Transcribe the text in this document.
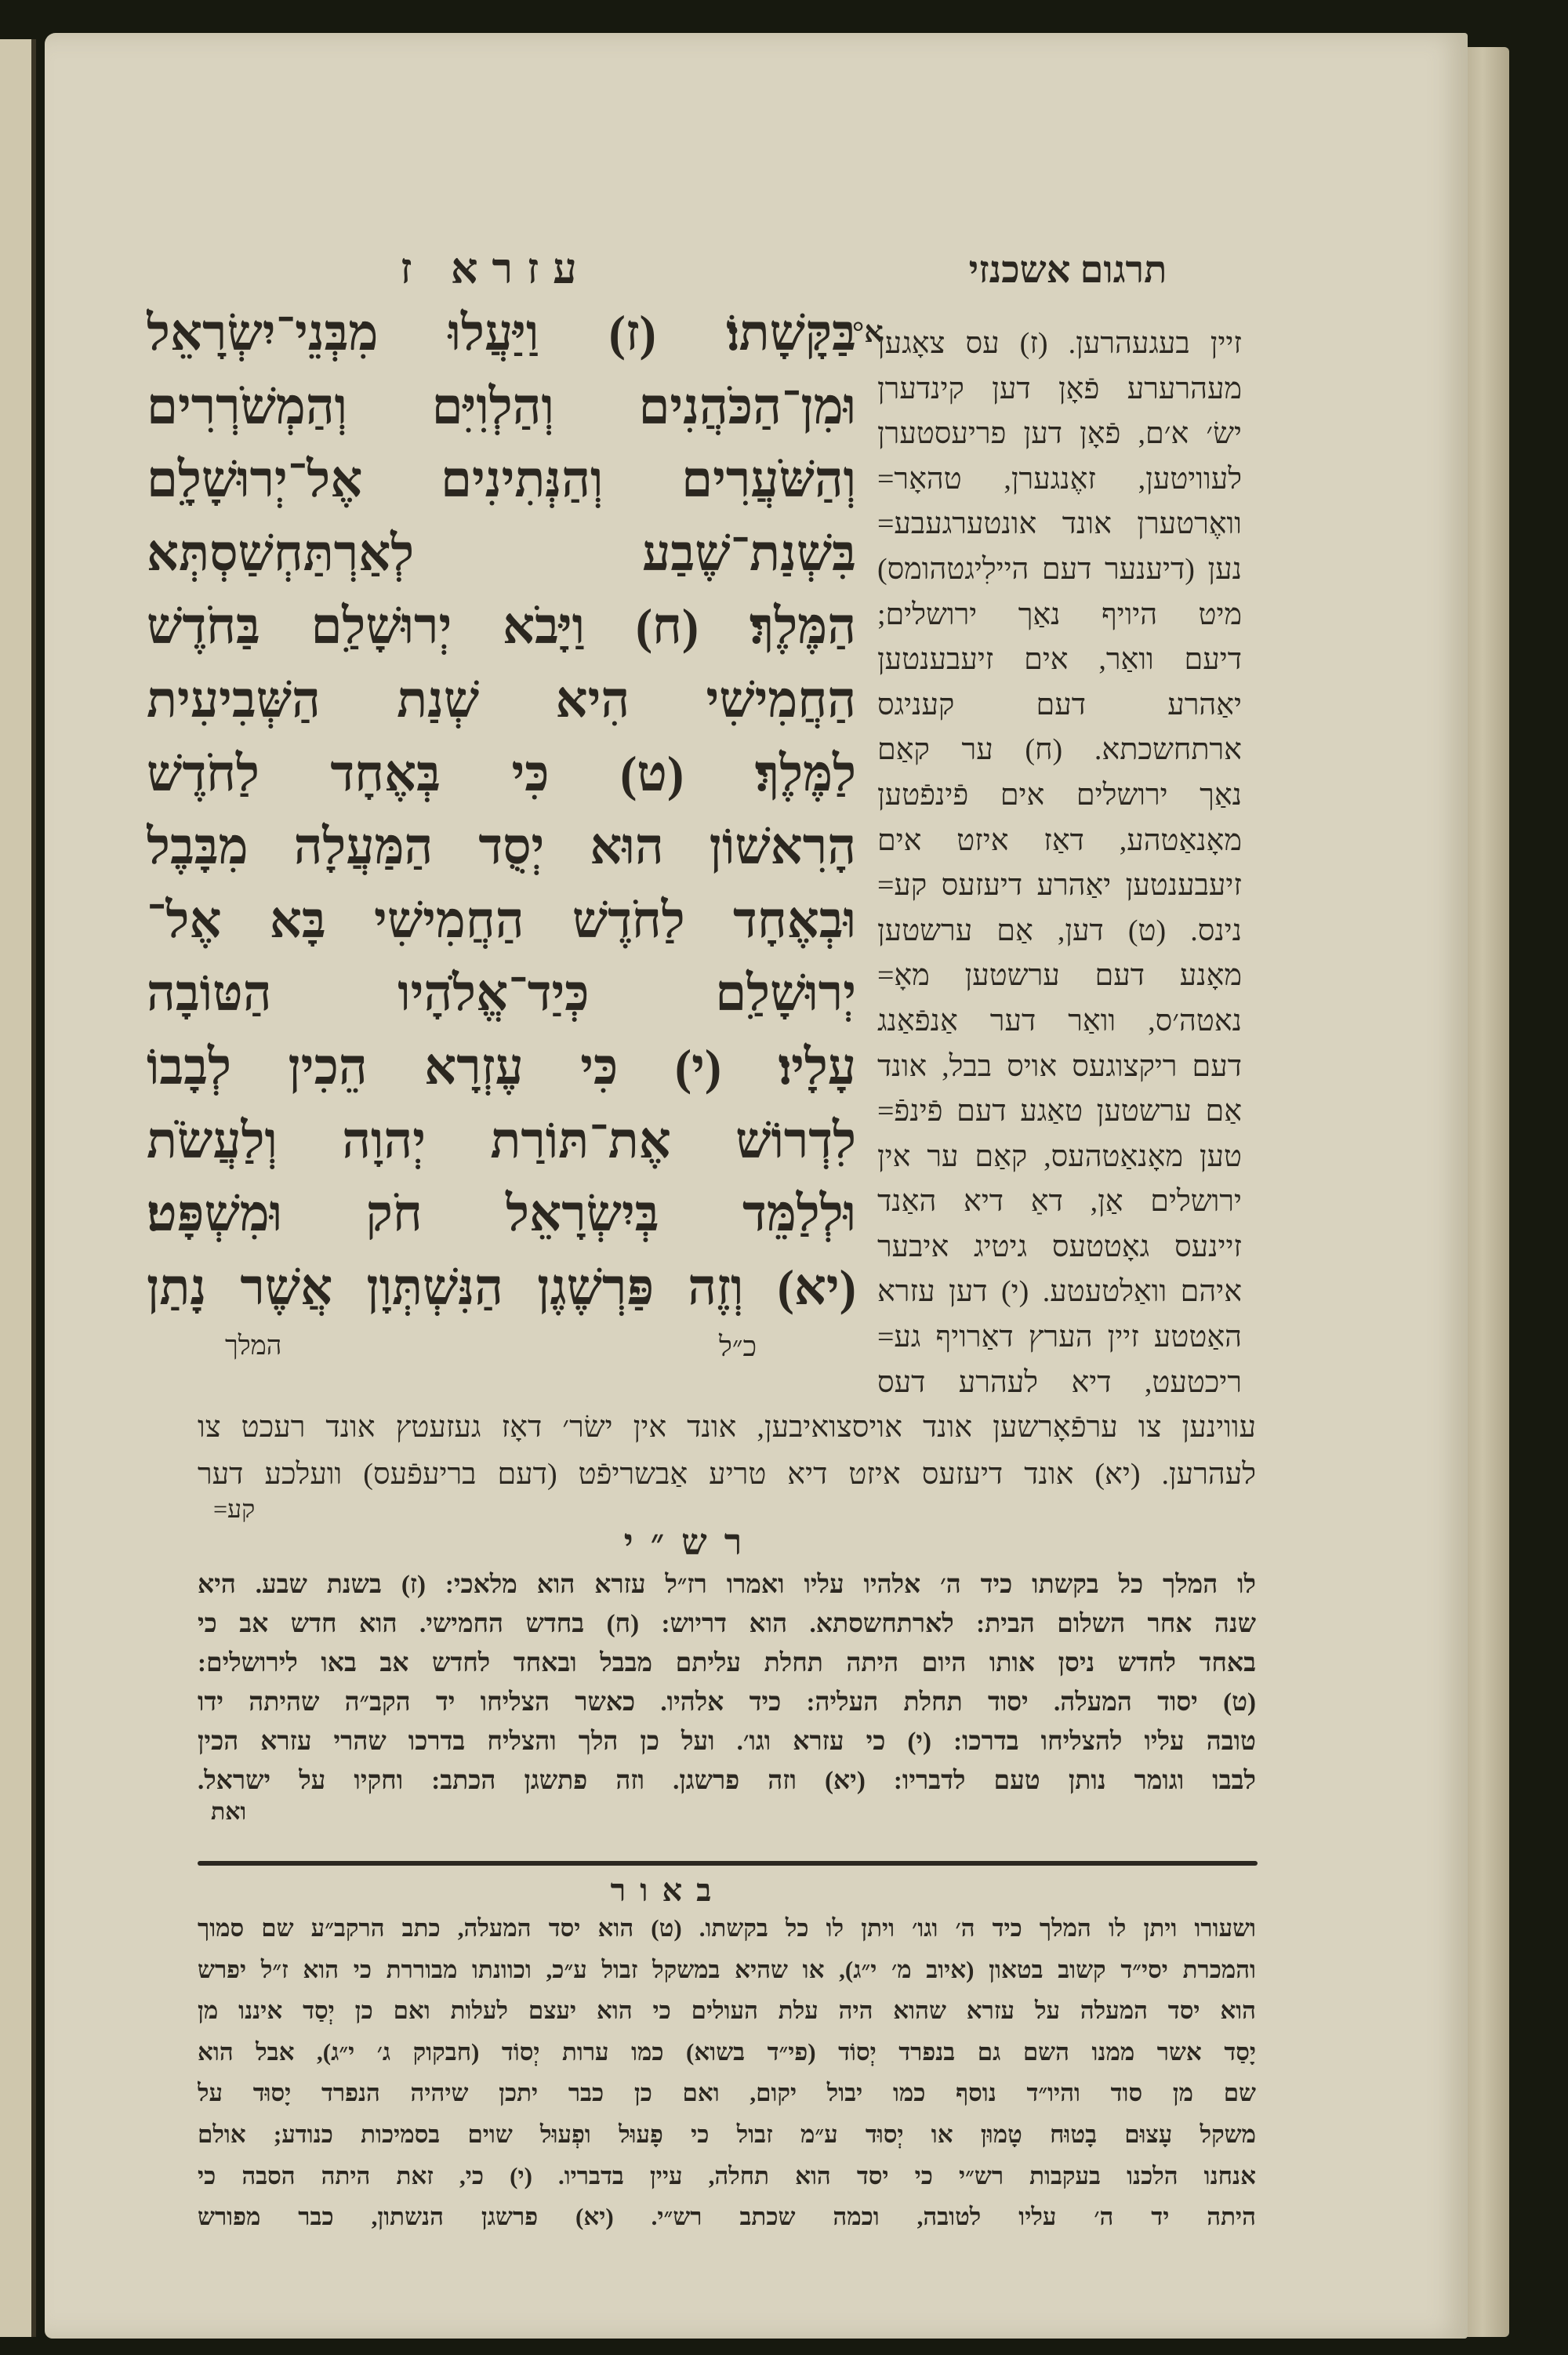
עזרא ז	תרגום אשכנזי
בַּקָּשָׁתוֹ׃ (ז) וַיַּעֲלוּ מִבְּנֵי־יִשְׂרָאֵל
וּמִן־הַכֹּהֲנִים וְהַלְוִיִּם וְהַמְשֹׁרְרִים
וְהַשֹּׁעֲרִים וְהַנְּתִינִים אֶל־יְרוּשָׁלָ͏ִם
בִּשְׁנַת־שֶׁבַע לְאַרְתַּחְשַׁסְתְּא
הַמֶּלֶךְ׃ (ח) וַיָּבֹא יְרוּשָׁלַ͏ִם בַּחֹדֶשׁ
הַחֲמִישִׁי הִיא שְׁנַת הַשְּׁבִיעִית
לַמֶּלֶךְ׃ (ט) כִּי בְּאֶחָד לַחֹדֶשׁ
הָרִאשׁוֹן הוּא יְסֻד הַמַּעֲלָה מִבָּבֶל
וּבְאֶחָד לַחֹדֶשׁ הַחֲמִישִׁי בָּא אֶל־
יְרוּשָׁלַ͏ִם כְּיַד־אֱלֹהָיו הַטּוֹבָה
עָלָיו׃ (י) כִּי עֶזְרָא הֵכִין לְבָבוֹ
לִדְרוֹשׁ אֶת־תּוֹרַת יְהוָה וְלַעֲשֹׂת
וּלְלַמֵּד בְּיִשְׂרָאֵל חֹק וּמִשְׁפָּט׃
(יא) וְזֶה פַּרְשֶׁגֶן הַנִּשְׁתְּוָן אֲשֶׁר נָתַן
א°
זיין בעגעהרען. (ז) עס צאָגען
מעהרערע פֿאָן דען קינדערן
ישׂ׳ א׳ם, פֿאָן דען פריעסטערן
לעוויטען, זאֶנגערן, טהאָר=
וואֶרטערן אונד אונטערגעבע=
נען (דיענער דעם היילִיגטהומס)
מיט היויף נאַך ירושלים;
דיעם וואַר, אים זיעבענטען
יאַהרע דעם קעניגס
ארתחשכתא. (ח) ער קאַם
נאַך ירושלים אים פֿינפֿטען
מאָנאַטהע, דאַז איזט אים
זיעבענטען יאַהרע דיעזעס קע=
נינס. (ט) דען, אַם ערשטען
מאָנע דעם ערשטען מאָ=
נאטה׳ס, וואַר דער אַנפֿאַנג
דעם ריקצוגעס אויס בבל, אונד
אַם ערשטען טאַגע דעם פֿינפֿ=
טען מאָנאַטהעס, קאַם ער אין
ירושלים אַן, דאַ דיא האַנד
זיינעס גאָטטעס גיטיג איבער
איהם וואַלטעטע. (י) דען עזרא
האַטטע זיין הערץ דאַרויף גע=
ריכטעט, דיא לעהרע דעס
המלך	כ״ל
עווינען צו ערפֿאָרשען אונד אויסצואיבען, אונד אין ישׂר׳ דאָז געזעטץ אונד רעכט צו
לעהרען. (יא) אונד דיעזעס איזט דיא טריע אַבשריפֿט (דעם בריעפֿעס) וועלכע דער
קע=
רש״י
לו המלך כל בקשתו כיד ה׳ אלהיו עליו ואמרו רז״ל עזרא הוא מלאכי: (ז) בשנת שבע. היא
שנה אחר השלום הבית: לארתחשסתא. הוא דריוש: (ח) בחדש החמישי. הוא חדש אב כי
באחד לחדש ניסן אותו היום היתה תחלת עליתם מבבל ובאחד לחדש אב באו לירושלים:
(ט) יסוד המעלה. יסוד תחלת העליה: כיד אלהיו. כאשר הצליחו יד הקב״ה שהיתה ידו
טובה עליו להצליחו בדרכו: (י) כי עזרא וגו׳. ועל כן הלך והצליח בדרכו שהרי עזרא הכין
לבבו וגומר נותן טעם לדבריו: (יא) וזה פרשגן. וזה פתשגן הכתב: וחקיו על ישראל.
ואת
באור
ושעורו ויתן לו המלך כיד ה׳ וגו׳ ויתן לו כל בקשתו. (ט) הוא יסד המעלה, כתב הרקב״ע שם סמוך
והמכרת יסי״ד קשוב בטאון (איוב מ׳ י״ג), או שהיא במשקל זבול ע״כ, וכוונתו מבוררת כי הוא ז״ל יפרש
הוא יסד המעלה על עזרא שהוא היה עלת העולים כי הוא יעצם לעלות ואם כן יְסַד איננו מן
יָסַד אשר ממנו השם גם בנפרד יְסוֹד (פי״ד בשוא) כמו ערות יְסוֹד (חבקוק ג׳ י״ג), אבל הוא
שם מן סוד והיו״ד נוסף כמו יבול יקום, ואם כן כבר יתכן שיהיה הנפרד יָסוּד על
משקל עָצוּם בָטוּח טָמוּן או יְסוּד ע״מ זבול כי פָעוּל ופְעוּל שוים בסמיכות כנודע; אולם
אנחנו הלכנו בעקבות רש״י כי יסד הוא תחלה, עיין בדבריו. (י) כי, זאת היתה הסבה כי
היתה יד ה׳ עליו לטובה, וכמה שכתב רש״י. (יא) פרשגן הנשתון, כבר מפורש
